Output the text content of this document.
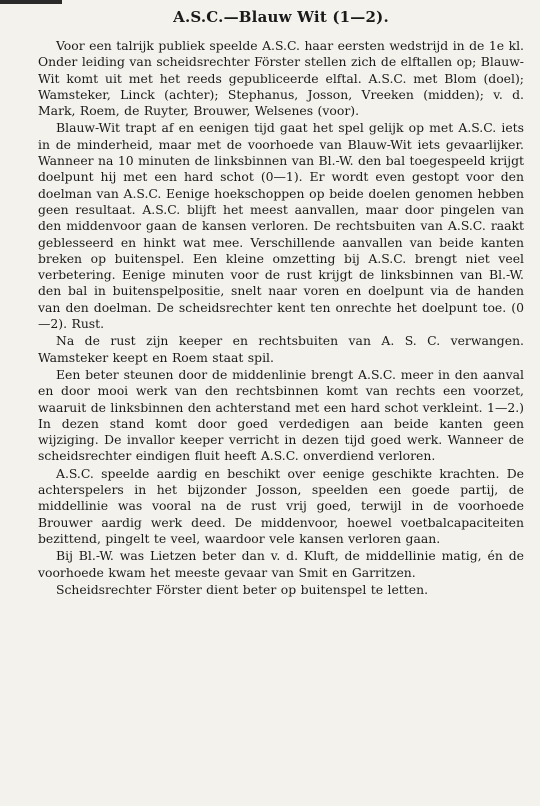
A.S.C.—Blauw Wit (1—2).

Voor een talrijk publiek speelde A.S.C. haar eersten wedstrijd in de 1e kl. Onder leiding van scheidsrechter Förster stellen zich de elftallen op; Blauw-Wit komt uit met het reeds gepubliceerde elftal. A.S.C. met Blom (doel); Wamsteker, Linck (achter); Stephanus, Josson, Vreeken (midden); v. d. Mark, Roem, de Ruyter, Brouwer, Welsenes (voor).

Blauw-Wit trapt af en eenigen tijd gaat het spel gelijk op met A.S.C. iets in de minderheid, maar met de voorhoede van Blauw-Wit iets gevaarlijker. Wanneer na 10 minuten de linksbinnen van Bl.-W. den bal toegespeeld krijgt doelpunt hij met een hard schot (0—1). Er wordt even gestopt voor den doelman van A.S.C. Eenige hoekschoppen op beide doelen genomen hebben geen resultaat. A.S.C. blijft het meest aanvallen, maar door pingelen van den middenvoor gaan de kansen verloren. De rechtsbuiten van A.S.C. raakt geblesseerd en hinkt wat mee. Verschillende aanvallen van beide kanten breken op buitenspel. Een kleine omzetting bij A.S.C. brengt niet veel verbetering. Eenige minuten voor de rust krijgt de linksbinnen van Bl.-W. den bal in buitenspelpositie, snelt naar voren en doelpunt via de handen van den doelman. De scheidsrechter kent ten onrechte het doelpunt toe. (0—2). Rust.

Na de rust zijn keeper en rechtsbuiten van A. S. C. verwangen. Wamsteker keept en Roem staat spil.

Een beter steunen door de middenlinie brengt A.S.C. meer in den aanval en door mooi werk van den rechtsbinnen komt van rechts een voorzet, waaruit de linksbinnen den achterstand met een hard schot verkleint. 1—2.) In dezen stand komt door goed verdedigen aan beide kanten geen wijziging. De invallor keeper verricht in dezen tijd goed werk. Wanneer de scheidsrechter eindigen fluit heeft A.S.C. onverdiend verloren.

A.S.C. speelde aardig en beschikt over eenige geschikte krachten. De achterspelers in het bijzonder Josson, speelden een goede partij, de middellinie was vooral na de rust vrij goed, terwijl in de voorhoede Brouwer aardig werk deed. De middenvoor, hoewel voetbalcapaciteiten bezittend, pingelt te veel, waardoor vele kansen verloren gaan.

Bij Bl.-W. was Lietzen beter dan v. d. Kluft, de middellinie matig, én de voorhoede kwam het meeste gevaar van Smit en Garritzen.

Scheidsrechter Förster dient beter op buitenspel te letten.
